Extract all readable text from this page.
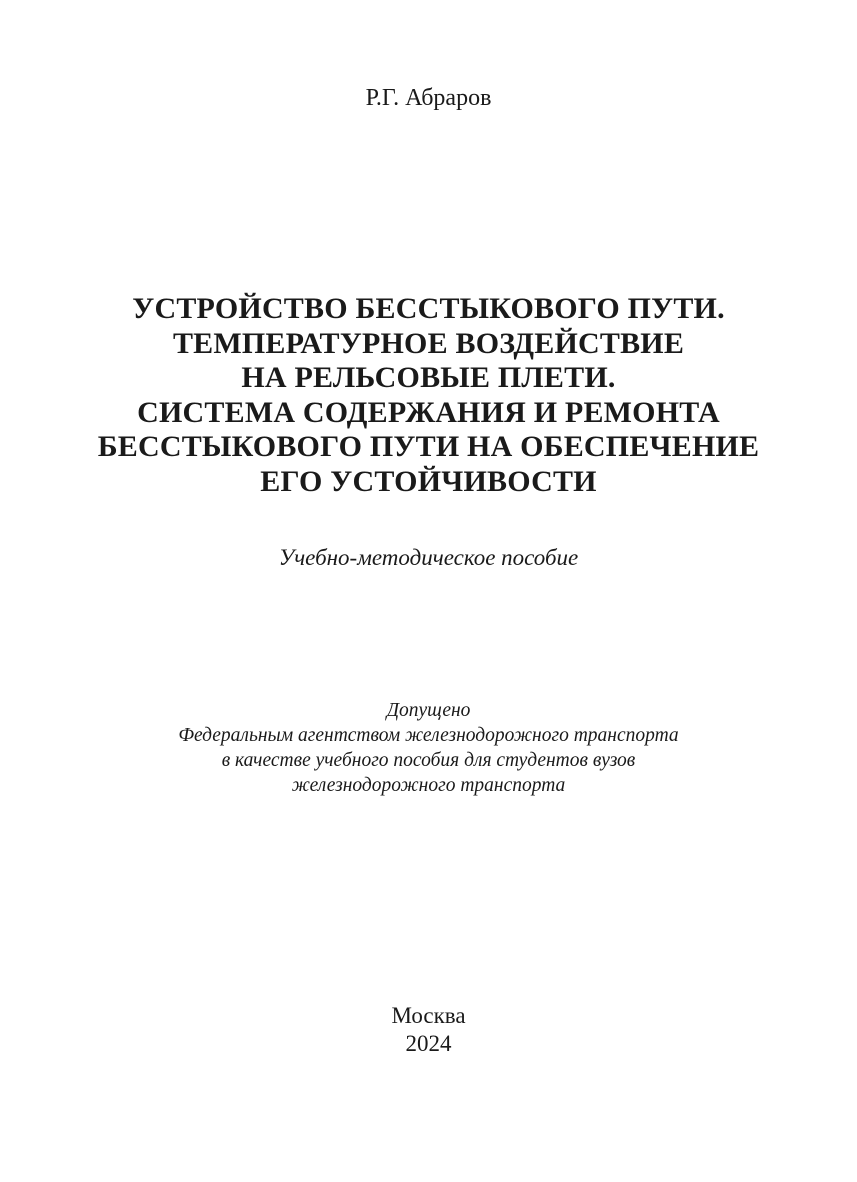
Р.Г. Абраров
УСТРОЙСТВО БЕССТЫКОВОГО ПУТИ.
ТЕМПЕРАТУРНОЕ ВОЗДЕЙСТВИЕ
НА РЕЛЬСОВЫЕ ПЛЕТИ.
СИСТЕМА СОДЕРЖАНИЯ И РЕМОНТА
БЕССТЫКОВОГО ПУТИ НА ОБЕСПЕЧЕНИЕ
ЕГО УСТОЙЧИВОСТИ
Учебно-методическое пособие
Допущено
Федеральным агентством железнодорожного транспорта
в качестве учебного пособия для студентов вузов
железнодорожного транспорта
Москва
2024
